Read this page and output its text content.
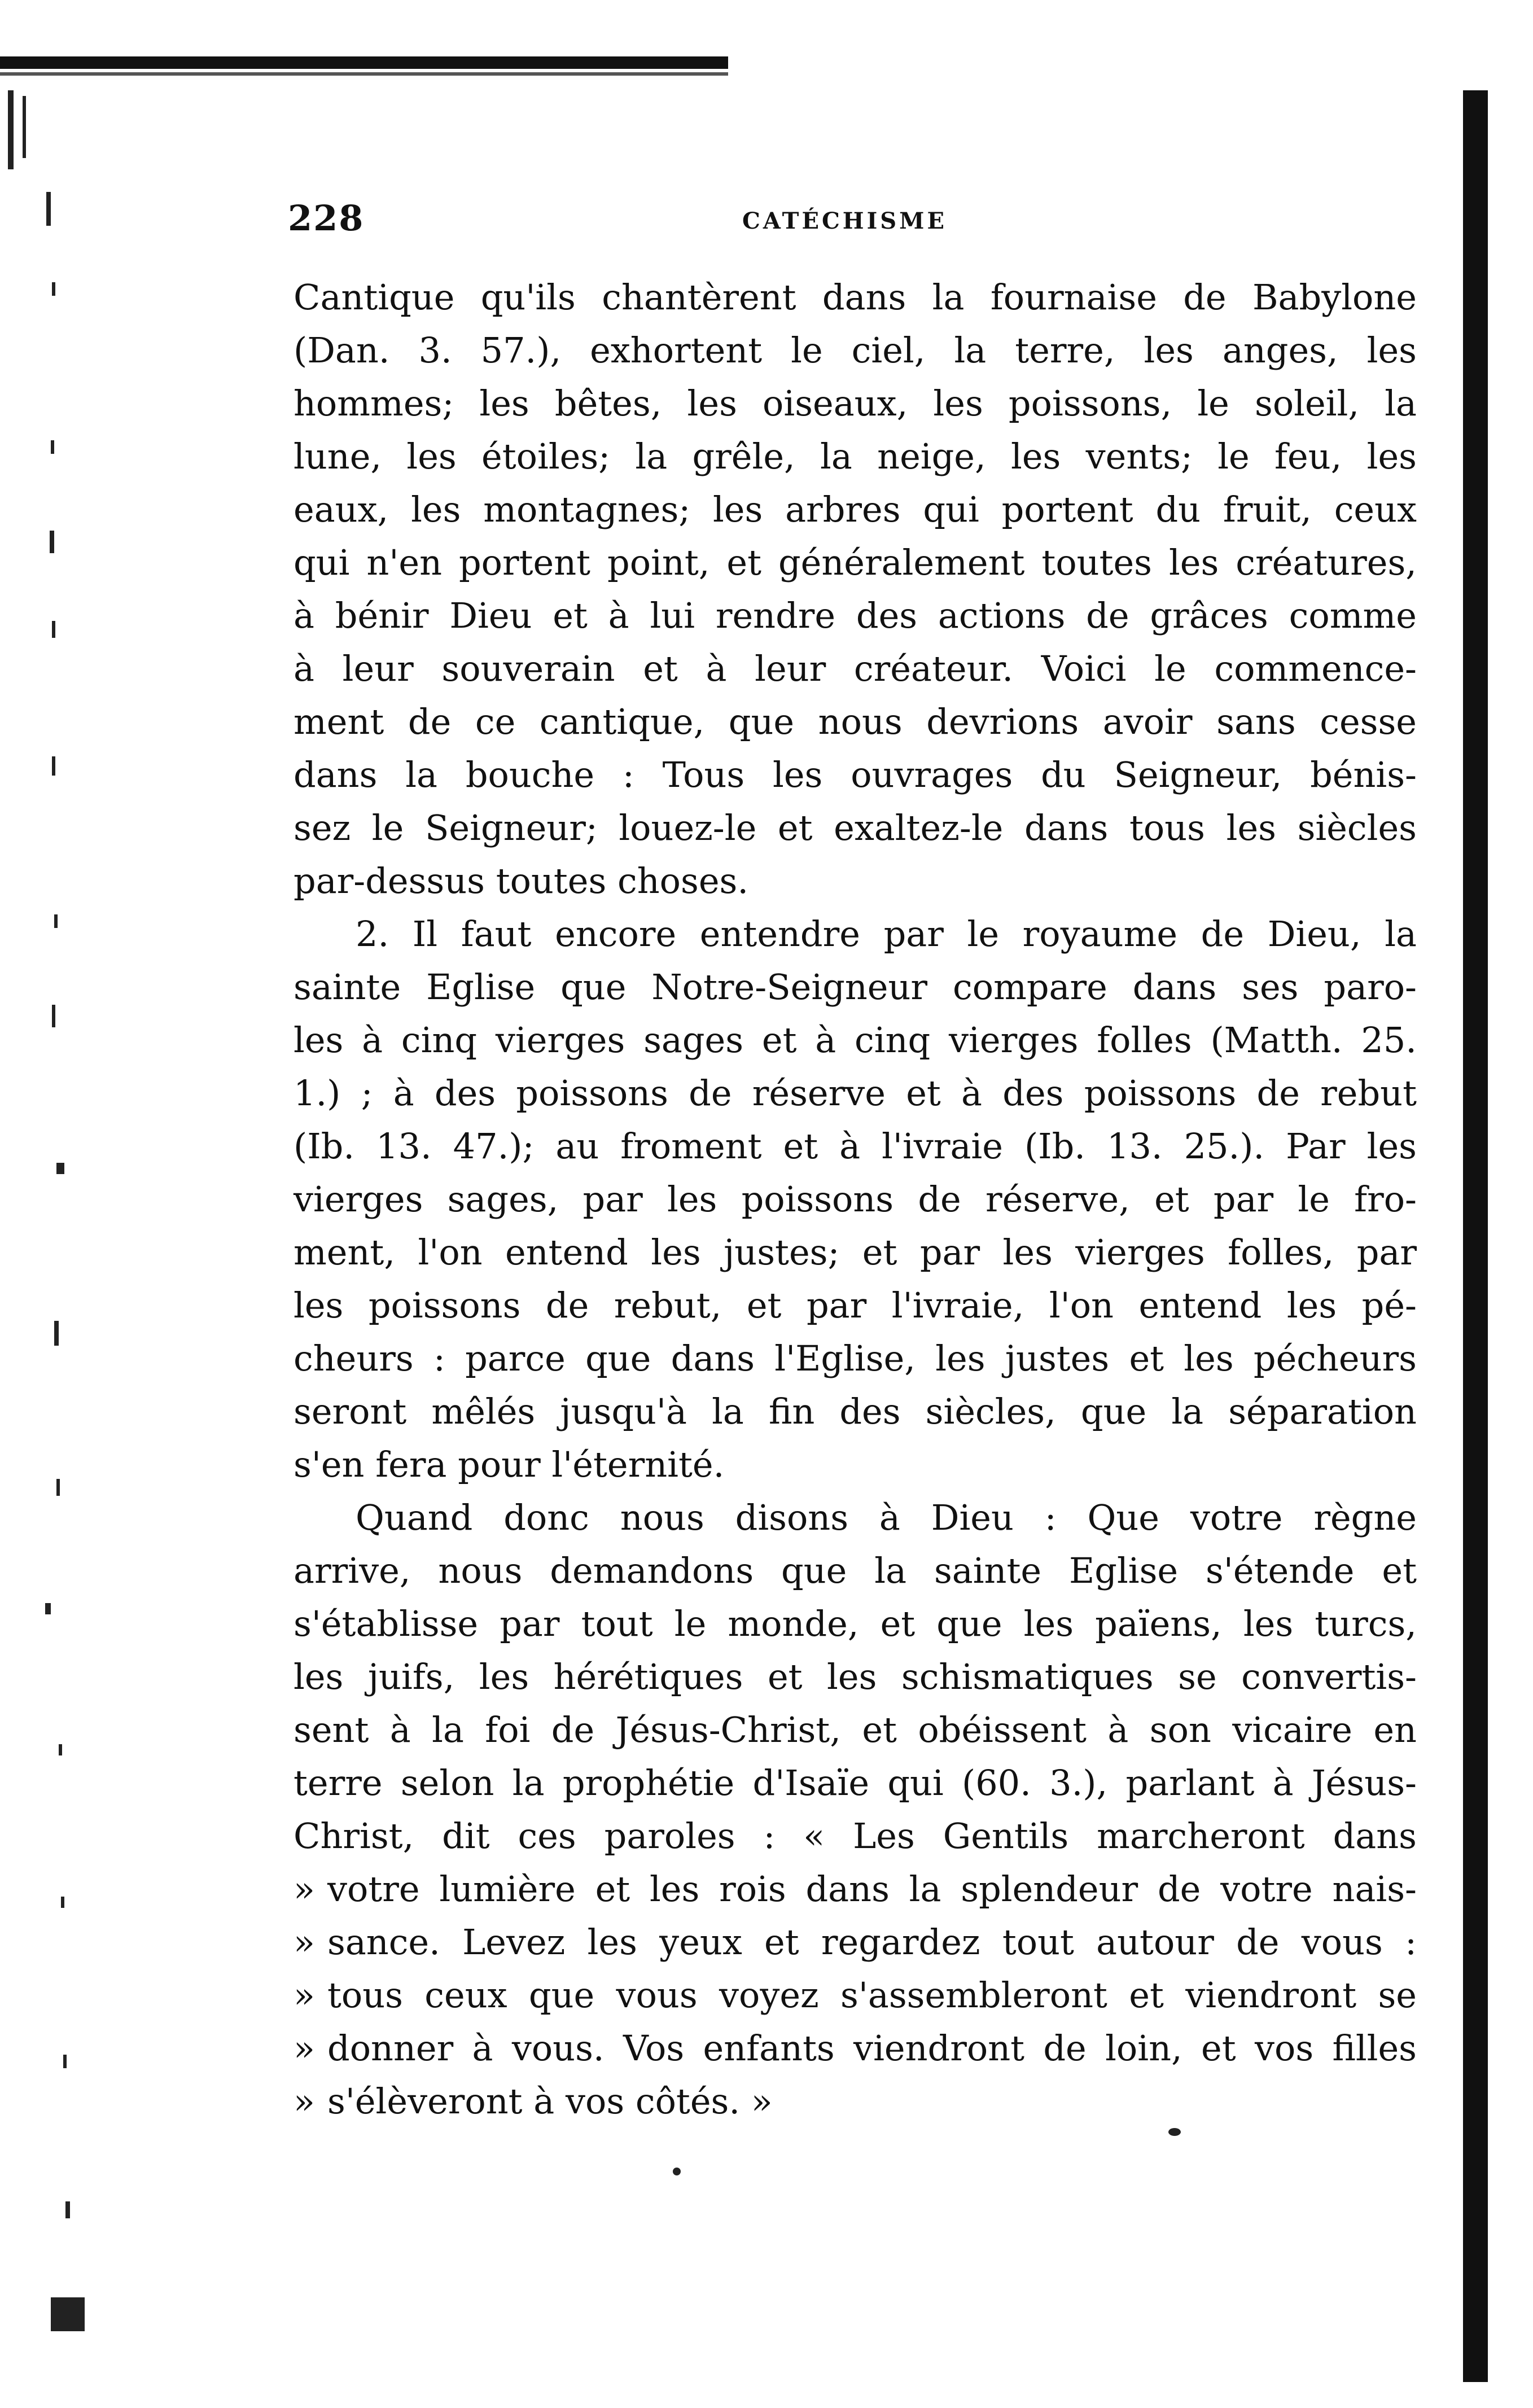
228	CATÉCHISME
Cantique qu'ils chantèrent dans la fournaise de Babylone
(Dan. 3. 57.), exhortent le ciel, la terre, les anges, les
hommes; les bêtes, les oiseaux, les poissons, le soleil, la
lune, les étoiles; la grêle, la neige, les vents; le feu, les
eaux, les montagnes; les arbres qui portent du fruit, ceux
qui n'en portent point, et généralement toutes les créatures,
à bénir Dieu et à lui rendre des actions de grâces comme
à leur souverain et à leur créateur. Voici le commence-
ment de ce cantique, que nous devrions avoir sans cesse
dans la bouche : Tous les ouvrages du Seigneur, bénis-
sez le Seigneur; louez-le et exaltez-le dans tous les siècles
par-dessus toutes choses.
2. Il faut encore entendre par le royaume de Dieu, la
sainte Eglise que Notre-Seigneur compare dans ses paro-
les à cinq vierges sages et à cinq vierges folles (Matth. 25.
1.) ; à des poissons de réserve et à des poissons de rebut
(Ib. 13. 47.); au froment et à l'ivraie (Ib. 13. 25.). Par les
vierges sages, par les poissons de réserve, et par le fro-
ment, l'on entend les justes; et par les vierges folles, par
les poissons de rebut, et par l'ivraie, l'on entend les pé-
cheurs : parce que dans l'Eglise, les justes et les pécheurs
seront mêlés jusqu'à la fin des siècles, que la séparation
s'en fera pour l'éternité.
Quand donc nous disons à Dieu : Que votre règne
arrive, nous demandons que la sainte Eglise s'étende et
s'établisse par tout le monde, et que les païens, les turcs,
les juifs, les hérétiques et les schismatiques se convertis-
sent à la foi de Jésus-Christ, et obéissent à son vicaire en
terre selon la prophétie d'Isaïe qui (60. 3.), parlant à Jésus-
Christ, dit ces paroles : « Les Gentils marcheront dans
» votre lumière et les rois dans la splendeur de votre nais-
» sance. Levez les yeux et regardez tout autour de vous :
» tous ceux que vous voyez s'assembleront et viendront se
» donner à vous. Vos enfants viendront de loin, et vos filles
» s'élèveront à vos côtés. »
